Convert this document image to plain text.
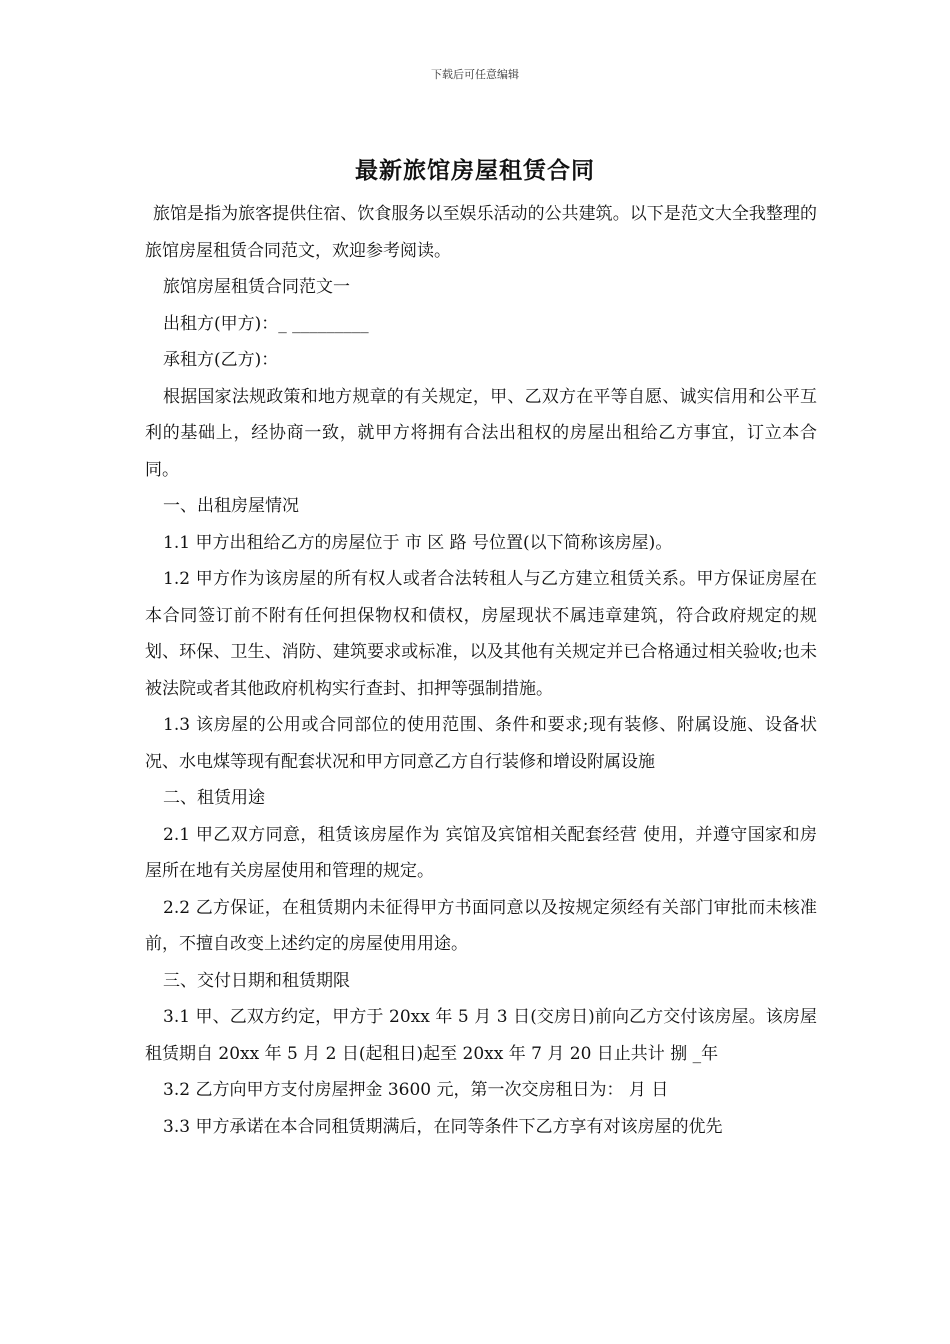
下载后可任意编辑
最新旅馆房屋租赁合同

旅馆是指为旅客提供住宿、饮食服务以至娱乐活动的公共建筑。以下是范文大全我整理的旅馆房屋租赁合同范文，欢迎参考阅读。

旅馆房屋租赁合同范文一

出租方(甲方)：_ _________

承租方(乙方)：

根据国家法规政策和地方规章的有关规定，甲、乙双方在平等自愿、诚实信用和公平互利的基础上，经协商一致，就甲方将拥有合法出租权的房屋出租给乙方事宜，订立本合同。

一、出租房屋情况

1.1 甲方出租给乙方的房屋位于 市 区 路 号位置(以下简称该房屋)。

1.2 甲方作为该房屋的所有权人或者合法转租人与乙方建立租赁关系。甲方保证房屋在本合同签订前不附有任何担保物权和债权，房屋现状不属违章建筑，符合政府规定的规划、环保、卫生、消防、建筑要求或标准，以及其他有关规定并已合格通过相关验收;也未被法院或者其他政府机构实行查封、扣押等强制措施。

1.3 该房屋的公用或合同部位的使用范围、条件和要求;现有装修、附属设施、设备状况、水电煤等现有配套状况和甲方同意乙方自行装修和增设附属设施

二、租赁用途

2.1 甲乙双方同意，租赁该房屋作为 宾馆及宾馆相关配套经营 使用，并遵守国家和房屋所在地有关房屋使用和管理的规定。

2.2 乙方保证，在租赁期内未征得甲方书面同意以及按规定须经有关部门审批而未核准前，不擅自改变上述约定的房屋使用用途。

三、交付日期和租赁期限

3.1 甲、乙双方约定，甲方于 20xx 年 5 月 3 日(交房日)前向乙方交付该房屋。该房屋租赁期自 20xx 年 5 月 2 日(起租日)起至 20xx 年 7 月 20 日止共计 捌 _年

3.2 乙方向甲方支付房屋押金 3600 元，第一次交房租日为： 月 日

3.3 甲方承诺在本合同租赁期满后，在同等条件下乙方享有对该房屋的优先
